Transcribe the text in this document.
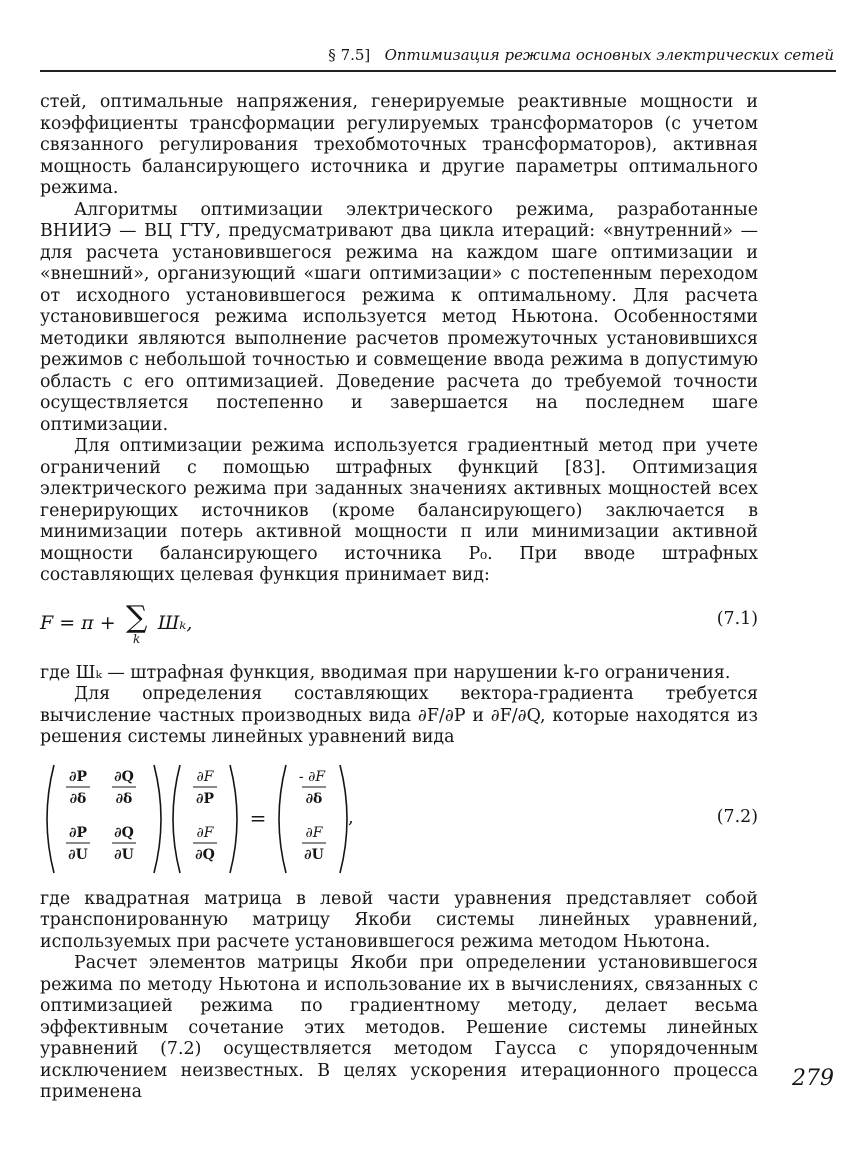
§ 7.5] Оптимизация режима основных электрических сетей

стей, оптимальные напряжения, генерируемые реактивные мощности и коэффициенты трансформации регулируемых трансформаторов (с учетом связанного регулирования трехобмоточных трансформаторов), активная мощность балансирующего источника и другие параметры оптимального режима.

Алгоритмы оптимизации электрического режима, разработанные ВНИИЭ — ВЦ ГТУ, предусматривают два цикла итераций: «внутренний» — для расчета установившегося режима на каждом шаге оптимизации и «внешний», организующий «шаги оптимизации» с постепенным переходом от исходного установившегося режима к оптимальному. Для расчета установившегося режима используется метод Ньютона. Особенностями методики являются выполнение расчетов промежуточных установившихся режимов с небольшой точностью и совмещение ввода режима в допустимую область с его оптимизацией. Доведение расчета до требуемой точности осуществляется постепенно и завершается на последнем шаге оптимизации.

Для оптимизации режима используется градиентный метод при учете ограничений с помощью штрафных функций [83]. Оптимизация электрического режима при заданных значениях активных мощностей всех генерирующих источников (кроме балансирующего) заключается в минимизации потерь активной мощности π или минимизации активной мощности балансирующего источника P₀. При вводе штрафных составляющих целевая функция принимает вид:

F = π + ∑
k
Шₖ,	(7.1)

где Шₖ — штрафная функция, вводимая при нарушении k-го ограничения.

Для определения составляющих вектора-градиента требуется вычисление частных производных вида ∂F/∂P и ∂F/∂Q, которые находятся из решения системы линейных уравнений вида

∂P
∂δ
∂Q
∂δ
∂P
∂U
∂Q
∂U
∂F
∂P
∂F
∂Q
=
- ∂F
∂δ
∂F
∂U
,	(7.2)

где квадратная матрица в левой части уравнения представляет собой транспонированную матрицу Якоби системы линейных уравнений, используемых при расчете установившегося режима методом Ньютона.

Расчет элементов матрицы Якоби при определении установившегося режима по методу Ньютона и использование их в вычислениях, связанных с оптимизацией режима по градиентному методу, делает весьма эффективным сочетание этих методов. Решение системы линейных уравнений (7.2) осуществляется методом Гаусса с упорядоченным исключением неизвестных. В целях ускорения итерационного процесса применена

279
